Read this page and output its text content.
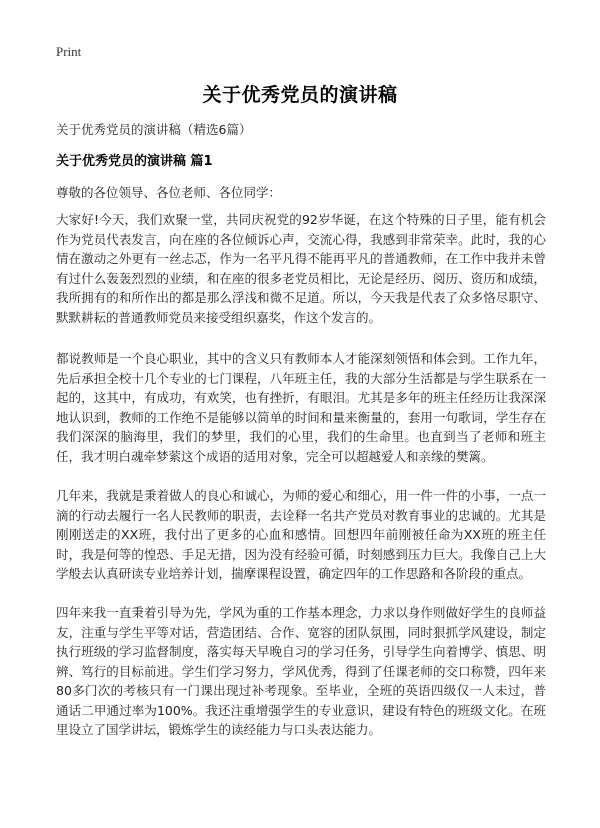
Print
关于优秀党员的演讲稿
关于优秀党员的演讲稿（精选6篇）
关于优秀党员的演讲稿 篇1
尊敬的各位领导、各位老师、各位同学：

大家好!今天，我们欢聚一堂，共同庆祝党的92岁华诞，在这个特殊的日子里，能有机会作为党员代表发言，向在座的各位倾诉心声，交流心得，我感到非常荣幸。此时，我的心情在激动之外更有一丝忐忑，作为一名平凡得不能再平凡的普通教师，在工作中我并未曾有过什么轰轰烈烈的业绩，和在座的很多老党员相比，无论是经历、阅历、资历和成绩，我所拥有的和所作出的都是那么浮浅和微不足道。所以，今天我是代表了众多恪尽职守、默默耕耘的普通教师党员来接受组织嘉奖，作这个发言的。

都说教师是一个良心职业，其中的含义只有教师本人才能深刻领悟和体会到。工作九年，先后承担全校十几个专业的七门课程，八年班主任，我的大部分生活都是与学生联系在一起的，这其中，有成功，有欢笑，也有挫折，有眼泪。尤其是多年的班主任经历让我深深地认识到，教师的工作绝不是能够以简单的时间和量来衡量的，套用一句歌词，学生存在我们深深的脑海里，我们的梦里，我们的心里，我们的生命里。也直到当了老师和班主任，我才明白魂牵梦萦这个成语的适用对象，完全可以超越爱人和亲缘的樊篱。

几年来，我就是秉着做人的良心和诚心，为师的爱心和细心，用一件一件的小事，一点一滴的行动去履行一名人民教师的职责，去诠释一名共产党员对教育事业的忠诚的。尤其是刚刚送走的XX班，我付出了更多的心血和感情。回想四年前刚被任命为XX班的班主任时，我是何等的惶恐、手足无措，因为没有经验可循，时刻感到压力巨大。我像自己上大学般去认真研读专业培养计划，揣摩课程设置，确定四年的工作思路和各阶段的重点。

四年来我一直秉着引导为先，学风为重的工作基本理念，力求以身作则做好学生的良师益友，注重与学生平等对话，营造团结、合作、宽容的团队氛围，同时狠抓学风建设，制定执行班级的学习监督制度，落实每天早晚自习的学习任务，引导学生向着博学、慎思、明辨、笃行的目标前进。学生们学习努力，学风优秀，得到了任课老师的交口称赞，四年来80多门次的考核只有一门课出现过补考现象。至毕业，全班的英语四级仅一人未过，普通话二甲通过率为100%。我还注重增强学生的专业意识，建设有特色的班级文化。在班里设立了国学讲坛，锻炼学生的读经能力与口头表达能力。
